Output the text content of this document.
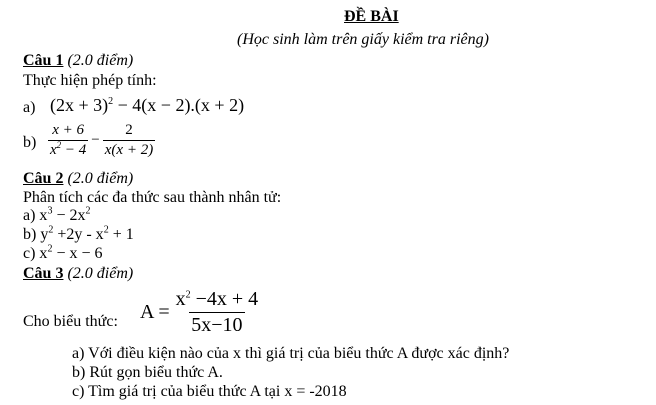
ĐỀ BÀI
(Học sinh làm trên giấy kiểm tra riêng)
Câu 1 (2.0 điểm)
Thực hiện phép tính:
a) $(2x + 3)^2 - 4(x - 2).(x + 2)$
$b) \frac{x + 6}{x^2 - 4} - \frac{2}{x(x + 2)}$
Câu 2 (2.0 điểm)
Phân tích các đa thức sau thành nhân tử:
a) $x^3 - 2x^2$
b) $y^2 +2y - x^2 + 1$
c) $x^2 - x - 6$
Câu 3 (2.0 điểm)
Cho biểu thức: $A = \frac{x^2 -4x + 4}{5x-10}$
a) Với điều kiện nào của x thì giá trị của biểu thức A được xác định?
b) Rút gọn biểu thức A.
c) Tìm giá trị của biểu thức A tại x = -2018
